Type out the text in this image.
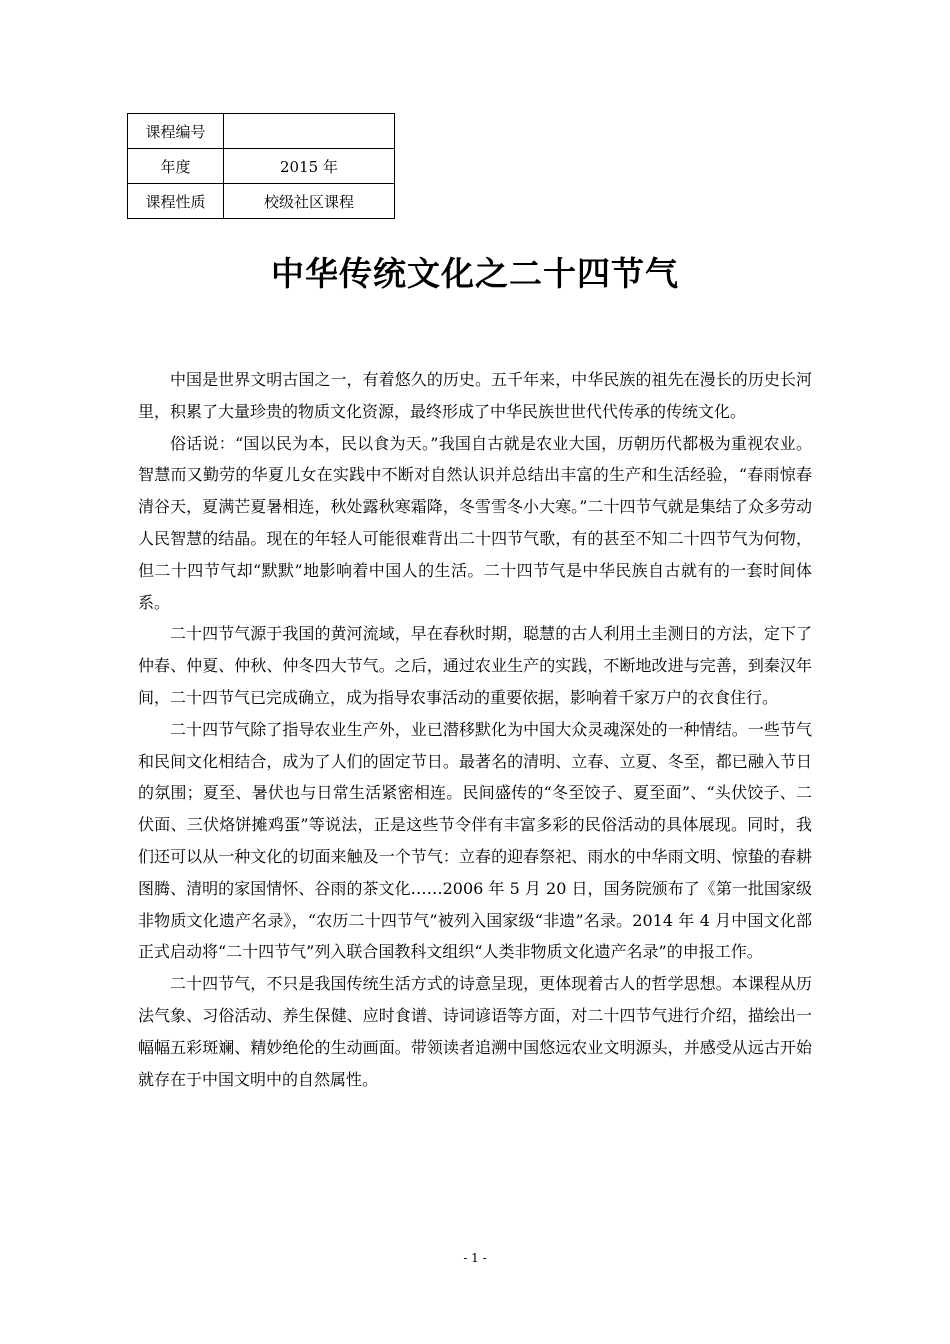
课程编号	
年度	2015 年
课程性质	校级社区课程
中华传统文化之二十四节气

中国是世界文明古国之一，有着悠久的历史。五千年来，中华民族的祖先在漫长的历史长河里，积累了大量珍贵的物质文化资源，最终形成了中华民族世世代代传承的传统文化。

俗话说：“国以民为本，民以食为天。”我国自古就是农业大国，历朝历代都极为重视农业。智慧而又勤劳的华夏儿女在实践中不断对自然认识并总结出丰富的生产和生活经验，“春雨惊春清谷天，夏满芒夏暑相连，秋处露秋寒霜降，冬雪雪冬小大寒。”二十四节气就是集结了众多劳动人民智慧的结晶。现在的年轻人可能很难背出二十四节气歌，有的甚至不知二十四节气为何物，但二十四节气却“默默”地影响着中国人的生活。二十四节气是中华民族自古就有的一套时间体系。

二十四节气源于我国的黄河流域，早在春秋时期，聪慧的古人利用土圭测日的方法，定下了仲春、仲夏、仲秋、仲冬四大节气。之后，通过农业生产的实践，不断地改进与完善，到秦汉年间，二十四节气已完成确立，成为指导农事活动的重要依据，影响着千家万户的衣食住行。

二十四节气除了指导农业生产外，业已潜移默化为中国大众灵魂深处的一种情结。一些节气和民间文化相结合，成为了人们的固定节日。最著名的清明、立春、立夏、冬至，都已融入节日的氛围；夏至、暑伏也与日常生活紧密相连。民间盛传的“冬至饺子、夏至面”、“头伏饺子、二伏面、三伏烙饼摊鸡蛋”等说法，正是这些节令伴有丰富多彩的民俗活动的具体展现。同时，我们还可以从一种文化的切面来触及一个节气：立春的迎春祭祀、雨水的中华雨文明、惊蛰的春耕图腾、清明的家国情怀、谷雨的茶文化……2006 年 5 月 20 日，国务院颁布了《第一批国家级非物质文化遗产名录》，“农历二十四节气”被列入国家级“非遗”名录。2014 年 4 月中国文化部正式启动将“二十四节气”列入联合国教科文组织“人类非物质文化遗产名录”的申报工作。

二十四节气，不只是我国传统生活方式的诗意呈现，更体现着古人的哲学思想。本课程从历法气象、习俗活动、养生保健、应时食谱、诗词谚语等方面，对二十四节气进行介绍，描绘出一幅幅五彩斑斓、精妙绝伦的生动画面。带领读者追溯中国悠远农业文明源头，并感受从远古开始就存在于中国文明中的自然属性。

- 1 -
